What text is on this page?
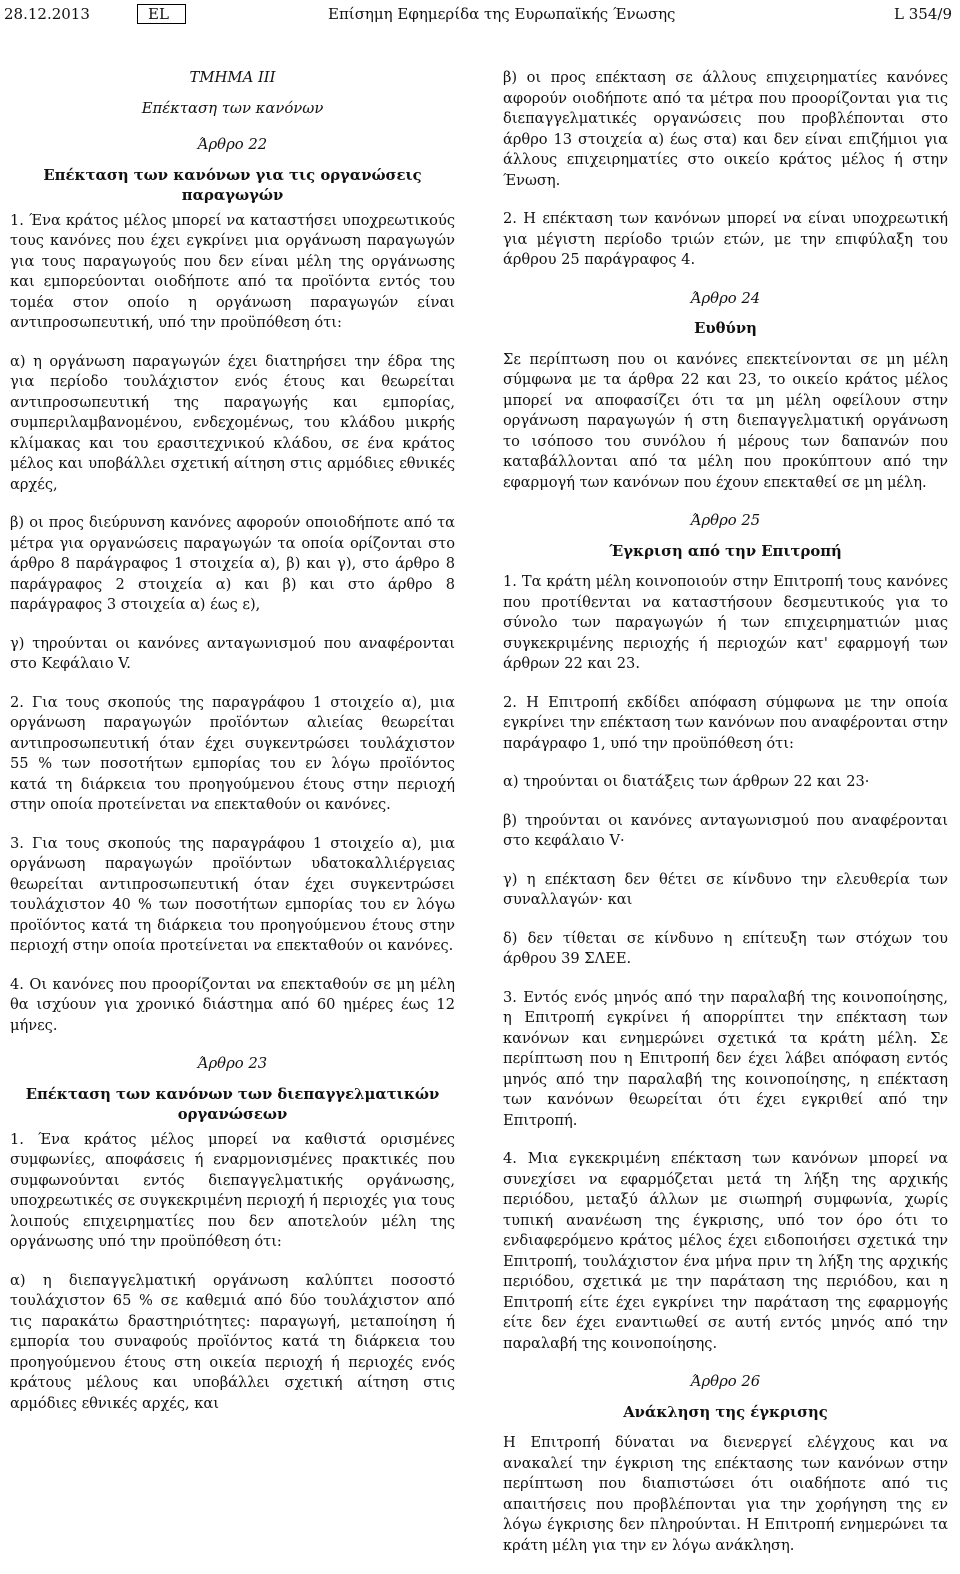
28.12.2013	EL	Επίσημη Εφημερίδα της Ευρωπαϊκής Ένωσης	L 354/9
ΤΜΗΜΑ ΙΙΙ
Επέκταση των κανόνων
Άρθρο 22
Επέκταση των κανόνων για τις οργανώσεις παραγωγών

1. Ένα κράτος μέλος μπορεί να καταστήσει υποχρεωτικούς τους κανόνες που έχει εγκρίνει μια οργάνωση παραγωγών για τους παραγωγούς που δεν είναι μέλη της οργάνωσης και εμπορεύονται οιοδήποτε από τα προϊόντα εντός του τομέα στον οποίο η οργάνωση παραγωγών είναι αντιπροσωπευτική, υπό την προϋπόθεση ότι:

α) η οργάνωση παραγωγών έχει διατηρήσει την έδρα της για περίοδο τουλάχιστον ενός έτους και θεωρείται αντιπροσωπευτική της παραγωγής και εμπορίας, συμπεριλαμβανομένου, ενδεχομένως, του κλάδου μικρής κλίμακας και του ερασιτεχνικού κλάδου, σε ένα κράτος μέλος και υποβάλλει σχετική αίτηση στις αρμόδιες εθνικές αρχές,

β) οι προς διεύρυνση κανόνες αφορούν οποιοδήποτε από τα μέτρα για οργανώσεις παραγωγών τα οποία ορίζονται στο άρθρο 8 παράγραφος 1 στοιχεία α), β) και γ), στο άρθρο 8 παράγραφος 2 στοιχεία α) και β) και στο άρθρο 8 παράγραφος 3 στοιχεία α) έως ε),

γ) τηρούνται οι κανόνες ανταγωνισμού που αναφέρονται στο Κεφάλαιο V.

2. Για τους σκοπούς της παραγράφου 1 στοιχείο α), μια οργάνωση παραγωγών προϊόντων αλιείας θεωρείται αντιπροσωπευτική όταν έχει συγκεντρώσει τουλάχιστον 55 % των ποσοτήτων εμπορίας του εν λόγω προϊόντος κατά τη διάρκεια του προηγούμενου έτους στην περιοχή στην οποία προτείνεται να επεκταθούν οι κανόνες.

3. Για τους σκοπούς της παραγράφου 1 στοιχείο α), μια οργάνωση παραγωγών προϊόντων υδατοκαλλιέργειας θεωρείται αντιπροσωπευτική όταν έχει συγκεντρώσει τουλάχιστον 40 % των ποσοτήτων εμπορίας του εν λόγω προϊόντος κατά τη διάρκεια του προηγούμενου έτους στην περιοχή στην οποία προτείνεται να επεκταθούν οι κανόνες.

4. Οι κανόνες που προορίζονται να επεκταθούν σε μη μέλη θα ισχύουν για χρονικό διάστημα από 60 ημέρες έως 12 μήνες.

Άρθρο 23
Επέκταση των κανόνων των διεπαγγελματικών οργανώσεων

1. Ένα κράτος μέλος μπορεί να καθιστά ορισμένες συμφωνίες, αποφάσεις ή εναρμονισμένες πρακτικές που συμφωνούνται εντός διεπαγγελματικής οργάνωσης, υποχρεωτικές σε συγκεκριμένη περιοχή ή περιοχές για τους λοιπούς επιχειρηματίες που δεν αποτελούν μέλη της οργάνωσης υπό την προϋπόθεση ότι:

α) η διεπαγγελματική οργάνωση καλύπτει ποσοστό τουλάχιστον 65 % σε καθεμιά από δύο τουλάχιστον από τις παρακάτω δραστηριότητες: παραγωγή, μεταποίηση ή εμπορία του συναφούς προϊόντος κατά τη διάρκεια του προηγούμενου έτους στη οικεία περιοχή ή περιοχές ενός κράτους μέλους και υποβάλλει σχετική αίτηση στις αρμόδιες εθνικές αρχές, και

β) οι προς επέκταση σε άλλους επιχειρηματίες κανόνες αφορούν οιοδήποτε από τα μέτρα που προορίζονται για τις διεπαγγελματικές οργανώσεις που προβλέπονται στο άρθρο 13 στοιχεία α) έως στα) και δεν είναι επιζήμιοι για άλλους επιχειρηματίες στο οικείο κράτος μέλος ή στην Ένωση.

2. Η επέκταση των κανόνων μπορεί να είναι υποχρεωτική για μέγιστη περίοδο τριών ετών, με την επιφύλαξη του άρθρου 25 παράγραφος 4.

Άρθρο 24
Ευθύνη

Σε περίπτωση που οι κανόνες επεκτείνονται σε μη μέλη σύμφωνα με τα άρθρα 22 και 23, το οικείο κράτος μέλος μπορεί να αποφασίζει ότι τα μη μέλη οφείλουν στην οργάνωση παραγωγών ή στη διεπαγγελματική οργάνωση το ισόποσο του συνόλου ή μέρους των δαπανών που καταβάλλονται από τα μέλη που προκύπτουν από την εφαρμογή των κανόνων που έχουν επεκταθεί σε μη μέλη.

Άρθρο 25
Έγκριση από την Επιτροπή

1. Τα κράτη μέλη κοινοποιούν στην Επιτροπή τους κανόνες που προτίθενται να καταστήσουν δεσμευτικούς για το σύνολο των παραγωγών ή των επιχειρηματιών μιας συγκεκριμένης περιοχής ή περιοχών κατ' εφαρμογή των άρθρων 22 και 23.

2. Η Επιτροπή εκδίδει απόφαση σύμφωνα με την οποία εγκρίνει την επέκταση των κανόνων που αναφέρονται στην παράγραφο 1, υπό την προϋπόθεση ότι:

α) τηρούνται οι διατάξεις των άρθρων 22 και 23·

β) τηρούνται οι κανόνες ανταγωνισμού που αναφέρονται στο κεφάλαιο V·

γ) η επέκταση δεν θέτει σε κίνδυνο την ελευθερία των συναλλαγών· και

δ) δεν τίθεται σε κίνδυνο η επίτευξη των στόχων του άρθρου 39 ΣΛΕΕ.

3. Εντός ενός μηνός από την παραλαβή της κοινοποίησης, η Επιτροπή εγκρίνει ή απορρίπτει την επέκταση των κανόνων και ενημερώνει σχετικά τα κράτη μέλη. Σε περίπτωση που η Επιτροπή δεν έχει λάβει απόφαση εντός μηνός από την παραλαβή της κοινοποίησης, η επέκταση των κανόνων θεωρείται ότι έχει εγκριθεί από την Επιτροπή.

4. Μια εγκεκριμένη επέκταση των κανόνων μπορεί να συνεχίσει να εφαρμόζεται μετά τη λήξη της αρχικής περιόδου, μεταξύ άλλων με σιωπηρή συμφωνία, χωρίς τυπική ανανέωση της έγκρισης, υπό τον όρο ότι το ενδιαφερόμενο κράτος μέλος έχει ειδοποιήσει σχετικά την Επιτροπή, τουλάχιστον ένα μήνα πριν τη λήξη της αρχικής περιόδου, σχετικά με την παράταση της περιόδου, και η Επιτροπή είτε έχει εγκρίνει την παράταση της εφαρμογής είτε δεν έχει εναντιωθεί σε αυτή εντός μηνός από την παραλαβή της κοινοποίησης.

Άρθρο 26
Ανάκληση της έγκρισης

Η Επιτροπή δύναται να διενεργεί ελέγχους και να ανακαλεί την έγκριση της επέκτασης των κανόνων στην περίπτωση που διαπιστώσει ότι οιαδήποτε από τις απαιτήσεις που προβλέπονται για την χορήγηση της εν λόγω έγκρισης δεν πληρούνται. Η Επιτροπή ενημερώνει τα κράτη μέλη για την εν λόγω ανάκληση.
